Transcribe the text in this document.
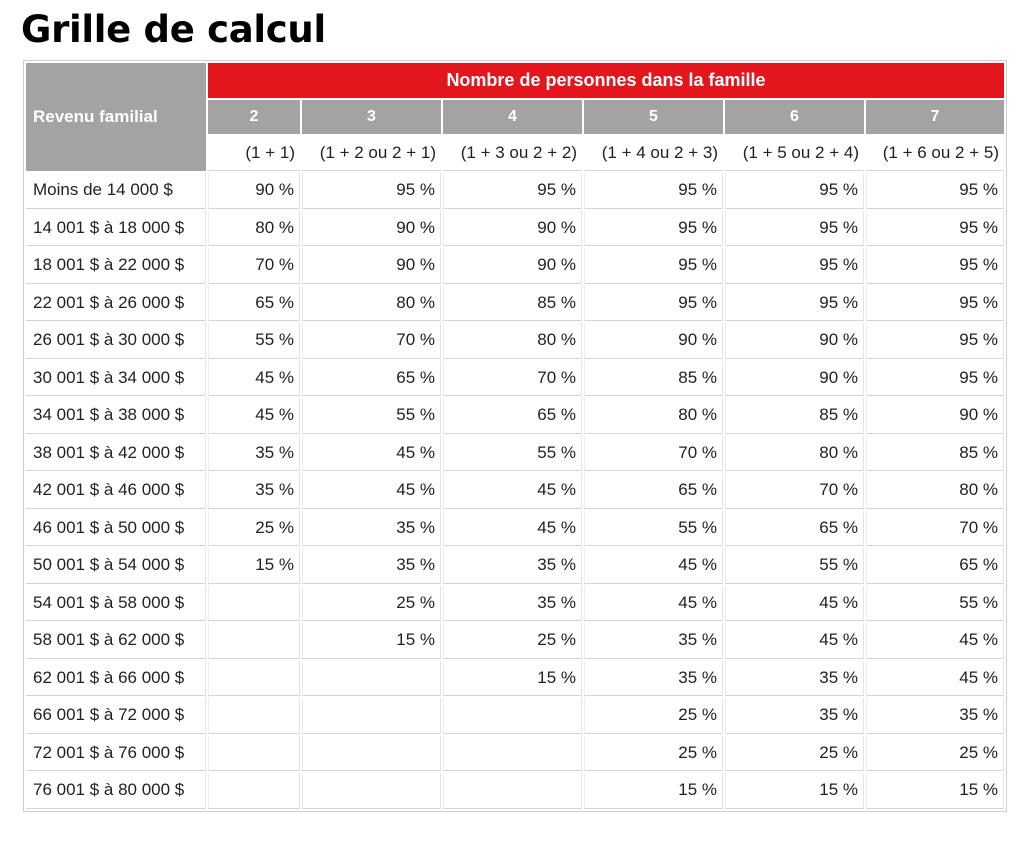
Grille de calcul
Revenu familial	Nombre de personnes dans la famille					
	2	3	4	5	6	7
	(1 + 1)	(1 + 2 ou 2 + 1)	(1 + 3 ou 2 + 2)	(1 + 4 ou 2 + 3)	(1 + 5 ou 2 + 4)	(1 + 6 ou 2 + 5)
Moins de 14 000 $	90 %	95 %	95 %	95 %	95 %	95 %
14 001 $ à 18 000 $	80 %	90 %	90 %	95 %	95 %	95 %
18 001 $ à 22 000 $	70 %	90 %	90 %	95 %	95 %	95 %
22 001 $ à 26 000 $	65 %	80 %	85 %	95 %	95 %	95 %
26 001 $ à 30 000 $	55 %	70 %	80 %	90 %	90 %	95 %
30 001 $ à 34 000 $	45 %	65 %	70 %	85 %	90 %	95 %
34 001 $ à 38 000 $	45 %	55 %	65 %	80 %	85 %	90 %
38 001 $ à 42 000 $	35 %	45 %	55 %	70 %	80 %	85 %
42 001 $ à 46 000 $	35 %	45 %	45 %	65 %	70 %	80 %
46 001 $ à 50 000 $	25 %	35 %	45 %	55 %	65 %	70 %
50 001 $ à 54 000 $	15 %	35 %	35 %	45 %	55 %	65 %
54 001 $ à 58 000 $		25 %	35 %	45 %	45 %	55 %
58 001 $ à 62 000 $		15 %	25 %	35 %	45 %	45 %
62 001 $ à 66 000 $			15 %	35 %	35 %	45 %
66 001 $ à 72 000 $				25 %	35 %	35 %
72 001 $ à 76 000 $				25 %	25 %	25 %
76 001 $ à 80 000 $				15 %	15 %	15 %
